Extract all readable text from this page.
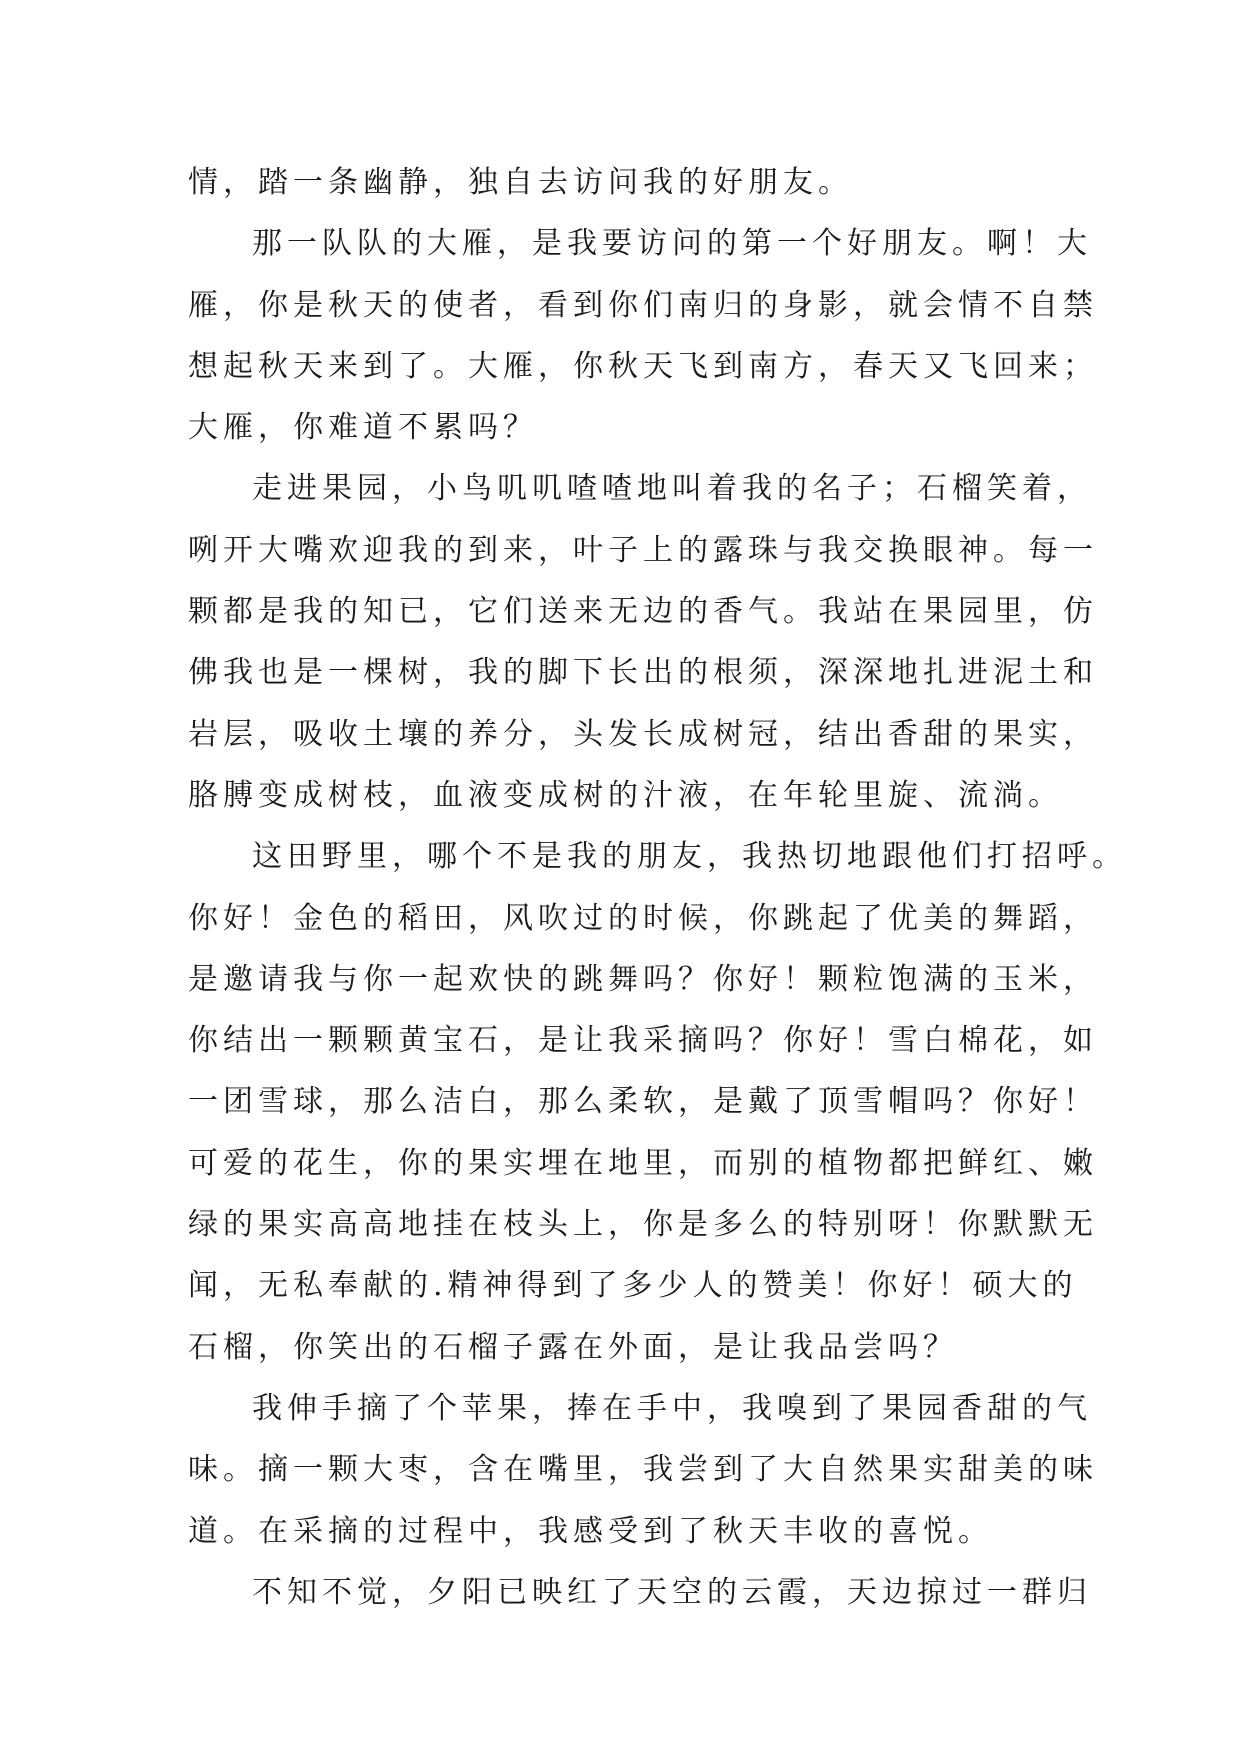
情，踏一条幽静，独自去访问我的好朋友。
那一队队的大雁，是我要访问的第一个好朋友。啊！大
雁，你是秋天的使者，看到你们南归的身影，就会情不自禁
想起秋天来到了。大雁，你秋天飞到南方，春天又飞回来；
大雁，你难道不累吗？
走进果园，小鸟叽叽喳喳地叫着我的名子；石榴笑着，
咧开大嘴欢迎我的到来，叶子上的露珠与我交换眼神。每一
颗都是我的知已，它们送来无边的香气。我站在果园里，仿
佛我也是一棵树，我的脚下长出的根须，深深地扎进泥土和
岩层，吸收土壤的养分，头发长成树冠，结出香甜的果实，
胳膊变成树枝，血液变成树的汁液，在年轮里旋、流淌。
这田野里，哪个不是我的朋友，我热切地跟他们打招呼。
你好！金色的稻田，风吹过的时候，你跳起了优美的舞蹈，
是邀请我与你一起欢快的跳舞吗？你好！颗粒饱满的玉米，
你结出一颗颗黄宝石，是让我采摘吗？你好！雪白棉花，如
一团雪球，那么洁白，那么柔软，是戴了顶雪帽吗？你好！
可爱的花生，你的果实埋在地里，而别的植物都把鲜红、嫩
绿的果实高高地挂在枝头上，你是多么的特别呀！你默默无
闻，无私奉献的.精神得到了多少人的赞美！你好！硕大的
石榴，你笑出的石榴子露在外面，是让我品尝吗？
我伸手摘了个苹果，捧在手中，我嗅到了果园香甜的气
味。摘一颗大枣，含在嘴里，我尝到了大自然果实甜美的味
道。在采摘的过程中，我感受到了秋天丰收的喜悦。
不知不觉，夕阳已映红了天空的云霞，天边掠过一群归
